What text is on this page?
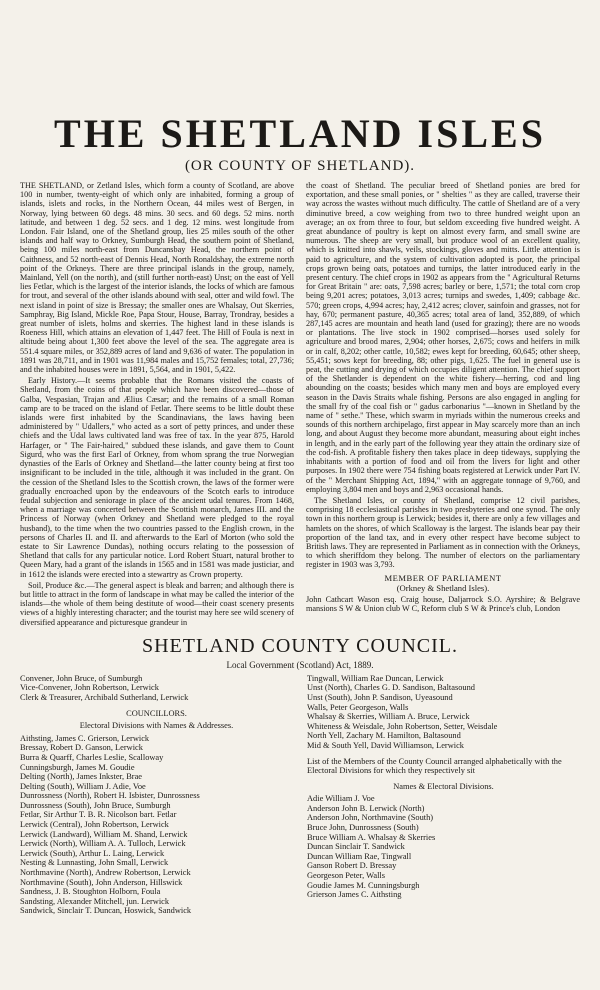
THE SHETLAND ISLES
(OR COUNTY OF SHETLAND).

THE SHETLAND, or Zetland Isles, which form a county of Scotland, are above 100 in number, twenty-eight of which only are inhabited, forming a group of islands, islets and rocks, in the Northern Ocean, 44 miles west of Bergen, in Norway, lying between 60 degs. 48 mins. 30 secs. and 60 degs. 52 mins. north latitude, and between 1 deg. 52 secs. and 1 deg. 12 mins. west longitude from London. Fair Island, one of the Shetland group, lies 25 miles south of the other islands and half way to Orkney, Sumburgh Head, the southern point of Shetland, being 100 miles north-east from Duncansbay Head, the northern point of Caithness, and 52 north-east of Dennis Head, North Ronaldshay, the extreme north point of the Orkneys. There are three principal islands in the group, namely, Mainland, Yell (on the north), and (still further north-east) Unst; on the east of Yell lies Fetlar, which is the largest of the interior islands, the locks of which are famous for trout, and several of the other islands abound with seal, otter and wild fowl. The next island in point of size is Bressay; the smaller ones are Whalsay, Out Skerries, Samphray, Big Island, Mickle Roe, Papa Stour, House, Barray, Trondray, besides a great number of islets, holms and skerries. The highest land in these islands is Roeness Hill, which attains an elevation of 1,447 feet. The Hill of Foula is next in altitude being about 1,300 feet above the level of the sea. The aggregate area is 551.4 square miles, or 352,889 acres of land and 9,636 of water. The population in 1891 was 28,711, and in 1901 was 11,984 males and 15,752 females; total, 27,736; and the inhabited houses were in 1891, 5,564, and in 1901, 5,422.

Early History.—It seems probable that the Romans visited the coasts of Shetland, from the coins of that people which have been discovered—those of Galba, Vespasian, Trajan and Ælius Cæsar; and the remains of a small Roman camp are to be traced on the island of Fetlar. There seems to be little doubt these islands were first inhabited by the Scandinavians, the laws having been administered by " Udallers," who acted as a sort of petty princes, and under these chiefs and the Udal laws cultivated land was free of tax. In the year 875, Harold Harfager, or " The Fair-haired," subdued these islands, and gave them to Count Sigurd, who was the first Earl of Orkney, from whom sprang the true Norwegian dynasties of the Earls of Orkney and Shetland—the latter county being at first too insignificant to be included in the title, although it was included in the grant. On the cession of the Shetland Isles to the Scottish crown, the laws of the former were gradually encroached upon by the endeavours of the Scotch earls to introduce feudal subjection and seniorage in place of the ancient udal tenures. From 1468, when a marriage was concerted between the Scottish monarch, James III. and the Princess of Norway (when Orkney and Shetland were pledged to the royal husband), to the time when the two countries passed to the English crown, in the persons of Charles II. and II. and afterwards to the Earl of Morton (who sold the estate to Sir Lawrence Dundas), nothing occurs relating to the possession of Shetland that calls for any particular notice. Lord Robert Stuart, natural brother to Queen Mary, had a grant of the islands in 1565 and in 1581 was made justiciar, and in 1612 the islands were erected into a stewartry as Crown property.

Soil, Produce &c.—The general aspect is bleak and barren; and although there is but little to attract in the form of landscape in what may be called the interior of the islands—the whole of them being destitute of wood—their coast scenery presents views of a highly interesting character; and the tourist may here see wild scenery of diversified appearance and picturesque grandeur in

the coast of Shetland. The peculiar breed of Shetland ponies are bred for exportation, and these small ponies, or " shelties " as they are called, traverse their way across the wastes without much difficulty. The cattle of Shetland are of a very diminutive breed, a cow weighing from two to three hundred weight upon an average; an ox from three to four, but seldom exceeding five hundred weight. A great abundance of poultry is kept on almost every farm, and small swine are numerous. The sheep are very small, but produce wool of an excellent quality, which is knitted into shawls, veils, stockings, gloves and mitts. Little attention is paid to agriculture, and the system of cultivation adopted is poor, the principal crops grown being oats, potatoes and turnips, the latter introduced early in the present century. The chief crops in 1902 as appears from the " Agricultural Returns for Great Britain " are: oats, 7,598 acres; barley or bere, 1,571; the total corn crop being 9,201 acres; potatoes, 3,013 acres; turnips and swedes, 1,409; cabbage &c. 570; green crops, 4,994 acres; hay, 2,412 acres; clover, sainfoin and grasses, not for hay, 670; permanent pasture, 40,365 acres; total area of land, 352,889, of which 287,145 acres are mountain and heath land (used for grazing); there are no woods or plantations. The live stock in 1902 comprised—horses used solely for agriculture and brood mares, 2,904; other horses, 2,675; cows and heifers in milk or in calf, 8,202; other cattle, 10,582; ewes kept for breeding, 60,645; other sheep, 55,451; sows kept for breeding, 88; other pigs, 1,625. The fuel in general use is peat, the cutting and drying of which occupies diligent attention. The chief support of the Shetlander is dependent on the white fishery—herring, cod and ling abounding on the coasts; besides which many men and boys are employed every season in the Davis Straits whale fishing. Persons are also engaged in angling for the small fry of the coal fish or " gadus carbonarius "—known in Shetland by the name of " sethe." These, which swarm in myriads within the numerous creeks and sounds of this northern archipelago, first appear in May scarcely more than an inch long, and about August they become more abundant, measuring about eight inches in length, and in the early part of the following year they attain the ordinary size of the cod-fish. A profitable fishery then takes place in deep tideways, supplying the inhabitants with a portion of food and oil from the livers for light and other purposes. In 1902 there were 754 fishing boats registered at Lerwick under Part IV. of the " Merchant Shipping Act, 1894," with an aggregate tonnage of 9,760, and employing 3,804 men and boys and 2,963 occasional hands.

The Shetland Isles, or county of Shetland, comprise 12 civil parishes, comprising 18 ecclesiastical parishes in two presbyteries and one synod. The only town in this northern group is Lerwick; besides it, there are only a few villages and hamlets on the shores, of which Scalloway is the largest. The islands bear pay their proportion of the land tax, and in every other respect have become subject to British laws. They are represented in Parliament as in connection with the Orkneys, to which sheriffdom they belong. The number of electors on the parliamentary register in 1903 was 3,793.

MEMBER OF PARLIAMENT
(Orkney & Shetland Isles).
John Cathcart Wason esq. Craig house, Daljarrock S.O. Ayrshire; & Belgrave mansions S W & Union club W C, Reform club S W & Prince's club, London
SHETLAND COUNTY COUNCIL.
Local Government (Scotland) Act, 1889.
Convener, John Bruce, of Sumburgh
Vice-Convener, John Robertson, Lerwick
Clerk & Treasurer, Archibald Sutherland, Lerwick
COUNCILLORS.
Electoral Divisions with Names & Addresses.
Aithsting, James C. Grierson, Lerwick
Bressay, Robert D. Ganson, Lerwick
Burra & Quarff, Charles Leslie, Scalloway
Cunningsburgh, James M. Goudie
Delting (North), James Inkster, Brae
Delting (South), William J. Adie, Voe
Dunrossness (North), Robert H. Isbister, Dunrossness
Dunrossness (South), John Bruce, Sumburgh
Fetlar, Sir Arthur T. B. R. Nicolson bart. Fetlar
Lerwick (Central), John Robertson, Lerwick
Lerwick (Landward), William M. Shand, Lerwick
Lerwick (North), William A. A. Tulloch, Lerwick
Lerwick (South), Arthur L. Laing, Lerwick
Nesting & Lunnasting, John Small, Lerwick
Northmavine (North), Andrew Robertson, Lerwick
Northmavine (South), John Anderson, Hillswick
Sandness, J. B. Stoughton Holborn, Foula
Sandsting, Alexander Mitchell, jun. Lerwick
Sandwick, Sinclair T. Duncan, Hoswick, Sandwick
Tingwall, William Rae Duncan, Lerwick
Unst (North), Charles G. D. Sandison, Baltasound
Unst (South), John P. Sandison, Uyeasound
Walls, Peter Georgeson, Walls
Whalsay & Skerries, William A. Bruce, Lerwick
Whiteness & Weisdale, John Robertson, Setter, Weisdale
North Yell, Zachary M. Hamilton, Baltasound
Mid & South Yell, David Williamson, Lerwick
List of the Members of the County Council arranged alphabetically with the Electoral Divisions for which they respectively sit
Names & Electoral Divisions.
Adie William J. Voe
Anderson John B. Lerwick (North)
Anderson John, Northmavine (South)
Bruce John, Dunrossness (South)
Bruce William A. Whalsay & Skerries
Duncan Sinclair T. Sandwick
Duncan William Rae, Tingwall
Ganson Robert D. Bressay
Georgeson Peter, Walls
Goudie James M. Cunningsburgh
Grierson James C. Aithsting
